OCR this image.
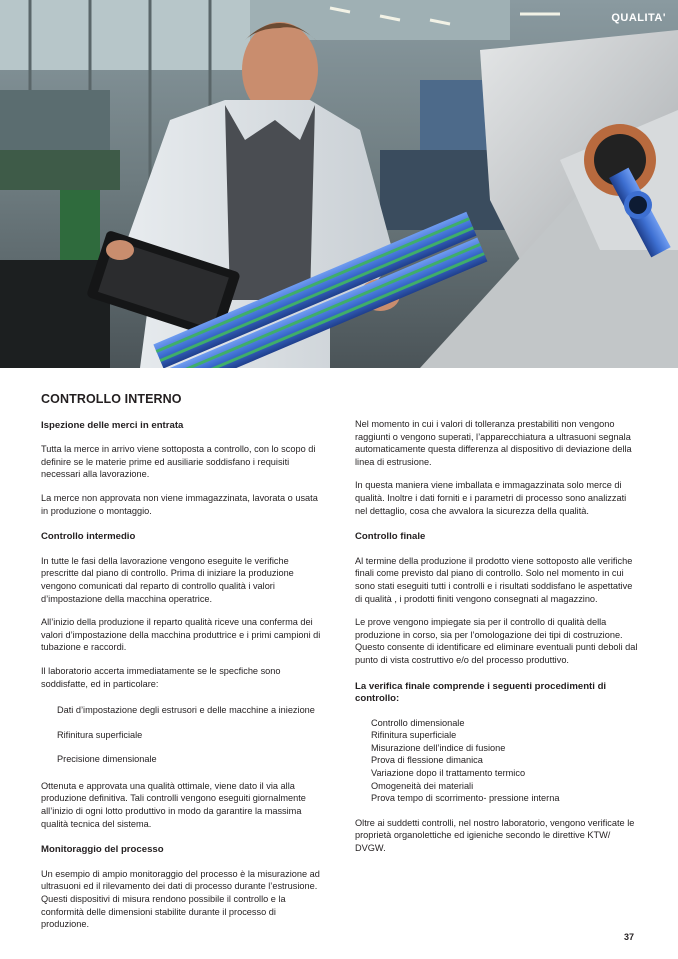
QUALITA'
CONTROLLO INTERNO
Ispezione delle merci in entrata

Tutta la merce in arrivo viene sottoposta a controllo, con lo scopo di definire se le materie prime ed ausiliarie soddisfano i requisiti necessari alla lavorazione.

La merce non approvata non viene immagazzinata, lavorata o usata in produzione o montaggio.

Controllo intermedio

In tutte le fasi della lavorazione vengono eseguite le verifiche prescritte dal piano di controllo. Prima di iniziare la produzione vengono comunicati dal reparto di controllo qualità i valori d’impostazione della macchina operatrice.

All’inizio della produzione il reparto qualità riceve una conferma dei valori d’impostazione della macchina produttrice e i primi campioni di tubazione e raccordi.

Il laboratorio accerta immediatamente se le specfiche sono soddisfatte, ed in particolare:

Dati d’impostazione degli estrusori e delle macchine a iniezione

Rifinitura superficiale

Precisione dimensionale

Ottenuta e approvata una qualità ottimale, viene dato il via alla produzione definitiva. Tali controlli vengono eseguiti giornalmente all’inizio di ogni lotto produttivo in modo da garantire la massima qualità tecnica del sistema.

Monitoraggio del processo

Un esempio di ampio monitoraggio del processo è la misurazione ad ultrasuoni ed il rilevamento dei dati di processo durante l’estrusione. Questi dispositivi di misura rendono possibile il controllo e la conformità delle dimensioni stabilite durante il processo di produzione.

Nel momento in cui i valori di tolleranza prestabiliti non vengono raggiunti o vengono superati, l’apparecchiatura a ultrasuoni segnala automaticamente questa differenza al dispositivo di deviazione della linea di estrusione.

In questa maniera viene imballata e immagazzinata solo merce di qualità. Inoltre i dati forniti e i parametri di processo sono analizzati nel dettaglio, cosa che avvalora la sicurezza della qualità.

Controllo finale

Al termine della produzione il prodotto viene sottoposto alle verifiche finali come previsto dal piano di controllo. Solo nel momento in cui sono stati eseguiti tutti i controlli e i risultati soddisfano le aspettative di qualità , i prodotti finiti vengono consegnati al magazzino.

Le prove vengono impiegate sia per il controllo di qualità della produzione in corso, sia per l’omologazione dei tipi di costruzione. Questo consente di identificare ed eliminare eventuali punti deboli dal punto di vista costruttivo e/o del processo produttivo.

La verifica finale comprende i seguenti procedimenti di controllo:
Controllo dimensionale
Rifinitura superficiale
Misurazione dell’indice di fusione
Prova di flessione dimanica
Variazione dopo il trattamento termico
Omogeneità dei materiali
Prova tempo di scorrimento- pressione interna

Oltre ai suddetti controlli, nel nostro laboratorio, vengono verificate le proprietà organolettiche ed igieniche secondo le direttive KTW/ DVGW.

37
